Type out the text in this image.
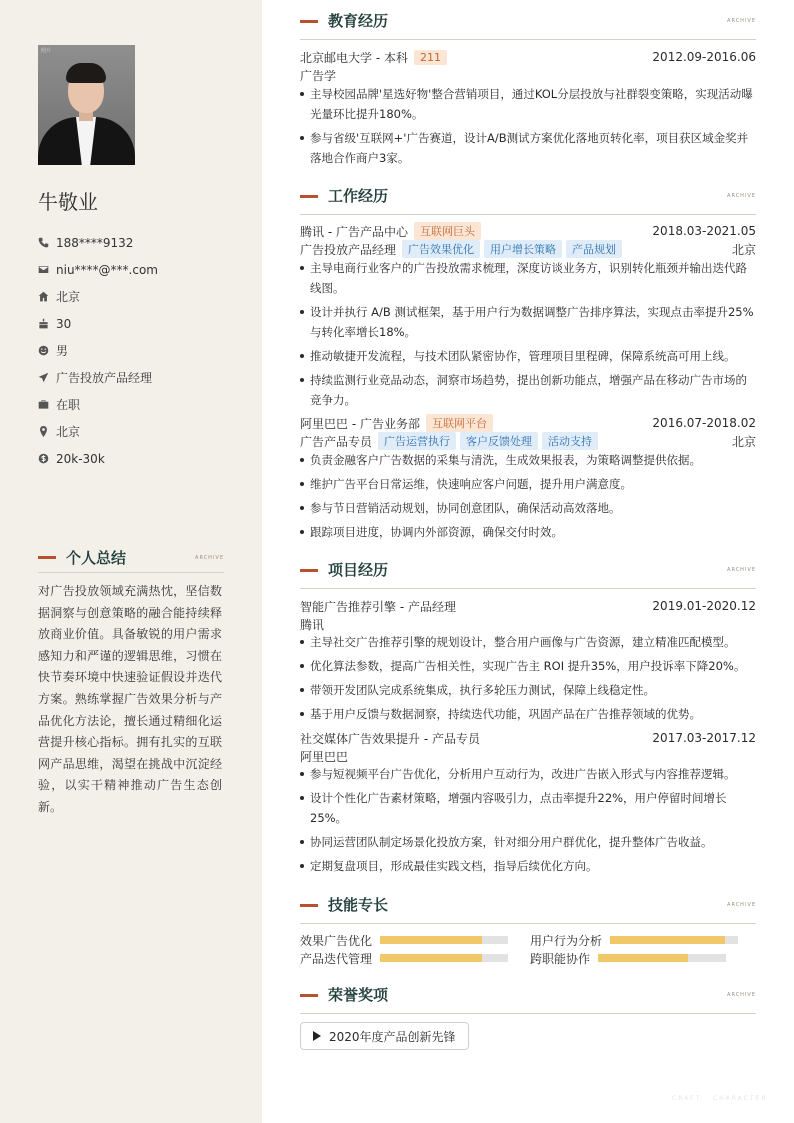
照片
牛敬业
188****9132
niu****@***.com
北京
30
男
广告投放产品经理
在职
北京
20k-30k
个人总结	ARCHIVE

对广告投放领域充满热忱，坚信数据洞察与创意策略的融合能持续释放商业价值。具备敏锐的用户需求感知力和严谨的逻辑思维，习惯在快节奏环境中快速验证假设并迭代方案。熟练掌握广告效果分析与产品优化方法论，擅长通过精细化运营提升核心指标。拥有扎实的互联网产品思维，渴望在挑战中沉淀经验，以实干精神推动广告生态创新。

教育经历	ARCHIVE
北京邮电大学 - 本科	211	2012.09-2016.06
广告学
主导校园品牌'星选好物'整合营销项目，通过KOL分层投放与社群裂变策略，实现活动曝光量环比提升180%。
参与省级'互联网+'广告赛道，设计A/B测试方案优化落地页转化率，项目获区域金奖并落地合作商户3家。
工作经历	ARCHIVE
腾讯 - 广告产品中心	互联网巨头	2018.03-2021.05
广告投放产品经理	广告效果优化	用户增长策略	产品规划	北京
主导电商行业客户的广告投放需求梳理，深度访谈业务方，识别转化瓶颈并输出迭代路线图。
设计并执行 A/B 测试框架，基于用户行为数据调整广告排序算法，实现点击率提升25%与转化率增长18%。
推动敏捷开发流程，与技术团队紧密协作，管理项目里程碑，保障系统高可用上线。
持续监测行业竞品动态，洞察市场趋势，提出创新功能点，增强产品在移动广告市场的竞争力。
阿里巴巴 - 广告业务部	互联网平台	2016.07-2018.02
广告产品专员	广告运营执行	客户反馈处理	活动支持	北京
负责金融客户广告数据的采集与清洗，生成效果报表，为策略调整提供依据。
维护广告平台日常运维，快速响应客户问题，提升用户满意度。
参与节日营销活动规划，协同创意团队，确保活动高效落地。
跟踪项目进度，协调内外部资源，确保交付时效。
项目经历	ARCHIVE
智能广告推荐引擎 - 产品经理	2019.01-2020.12
腾讯
主导社交广告推荐引擎的规划设计，整合用户画像与广告资源，建立精准匹配模型。
优化算法参数，提高广告相关性，实现广告主 ROI 提升35%，用户投诉率下降20%。
带领开发团队完成系统集成，执行多轮压力测试，保障上线稳定性。
基于用户反馈与数据洞察，持续迭代功能，巩固产品在广告推荐领域的优势。
社交媒体广告效果提升 - 产品专员	2017.03-2017.12
阿里巴巴
参与短视频平台广告优化，分析用户互动行为，改进广告嵌入形式与内容推荐逻辑。
设计个性化广告素材策略，增强内容吸引力，点击率提升22%，用户停留时间增长25%。
协同运营团队制定场景化投放方案，针对细分用户群优化，提升整体广告收益。
定期复盘项目，形成最佳实践文档，指导后续优化方向。
技能专长	ARCHIVE
效果广告优化	用户行为分析
产品迭代管理	跨职能协作
荣誉奖项	ARCHIVE
2020年度产品创新先锋
CRAFT · CHARACTER
